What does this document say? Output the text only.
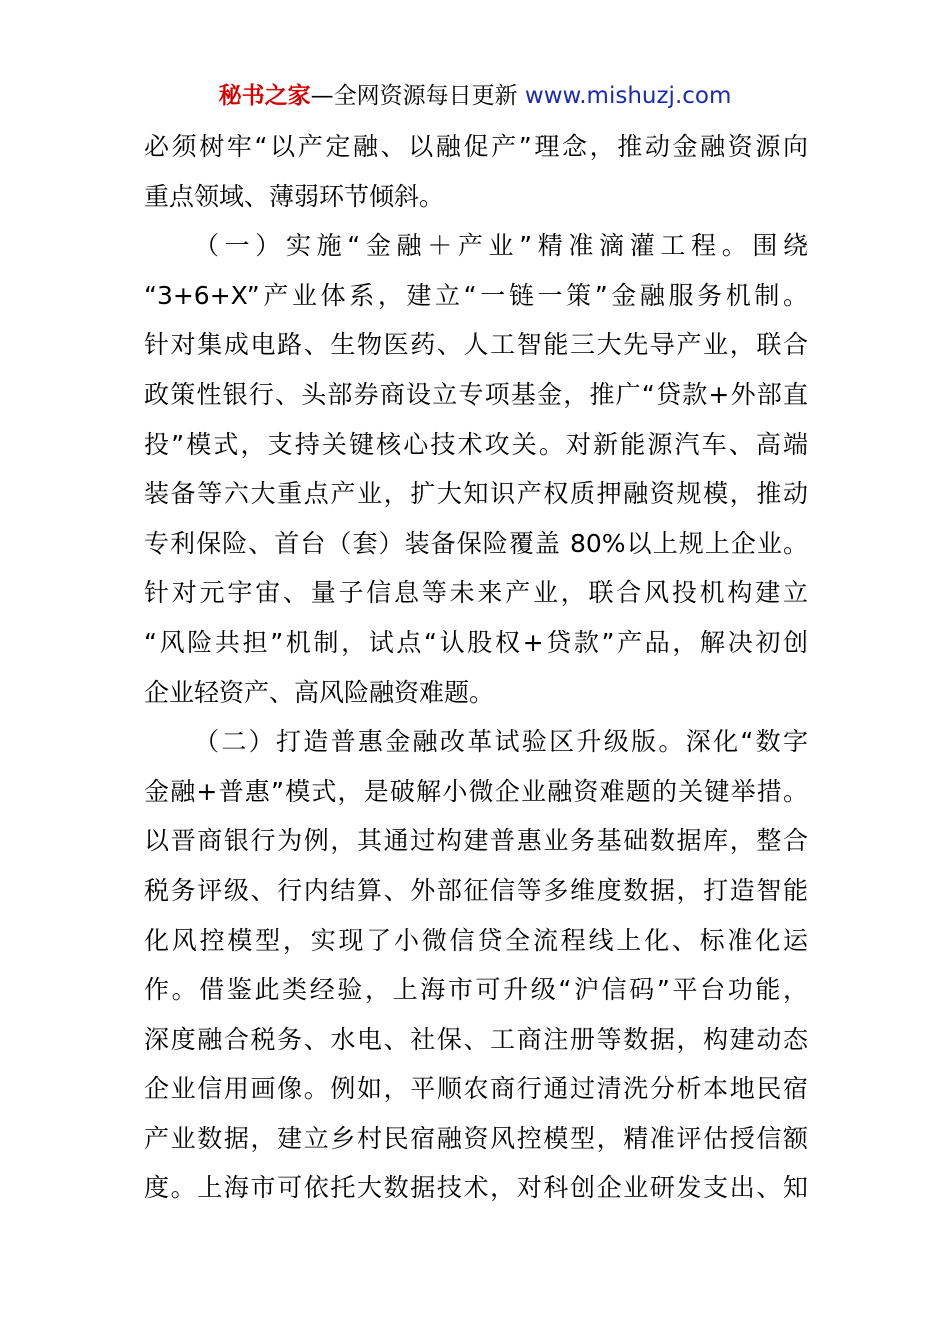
秘书之家—全网资源每日更新 www.mishuzj.com
必须树牢“以产定融、以融促产”理念，推动金融资源向
重点领域、薄弱环节倾斜。
（一）实施“金融＋产业”精准滴灌工程。围绕
“3+6+X”产业体系，建立“一链一策”金融服务机制。
针对集成电路、生物医药、人工智能三大先导产业，联合
政策性银行、头部券商设立专项基金，推广“贷款+外部直
投”模式，支持关键核心技术攻关。对新能源汽车、高端
装备等六大重点产业，扩大知识产权质押融资规模，推动
专利保险、首台（套）装备保险覆盖 80%以上规上企业。
针对元宇宙、量子信息等未来产业，联合风投机构建立
“风险共担”机制，试点“认股权+贷款”产品，解决初创
企业轻资产、高风险融资难题。
（二）打造普惠金融改革试验区升级版。深化“数字
金融+普惠”模式，是破解小微企业融资难题的关键举措。
以晋商银行为例，其通过构建普惠业务基础数据库，整合
税务评级、行内结算、外部征信等多维度数据，打造智能
化风控模型，实现了小微信贷全流程线上化、标准化运
作。借鉴此类经验，上海市可升级“沪信码”平台功能，
深度融合税务、水电、社保、工商注册等数据，构建动态
企业信用画像。例如，平顺农商行通过清洗分析本地民宿
产业数据，建立乡村民宿融资风控模型，精准评估授信额
度。上海市可依托大数据技术，对科创企业研发支出、知
